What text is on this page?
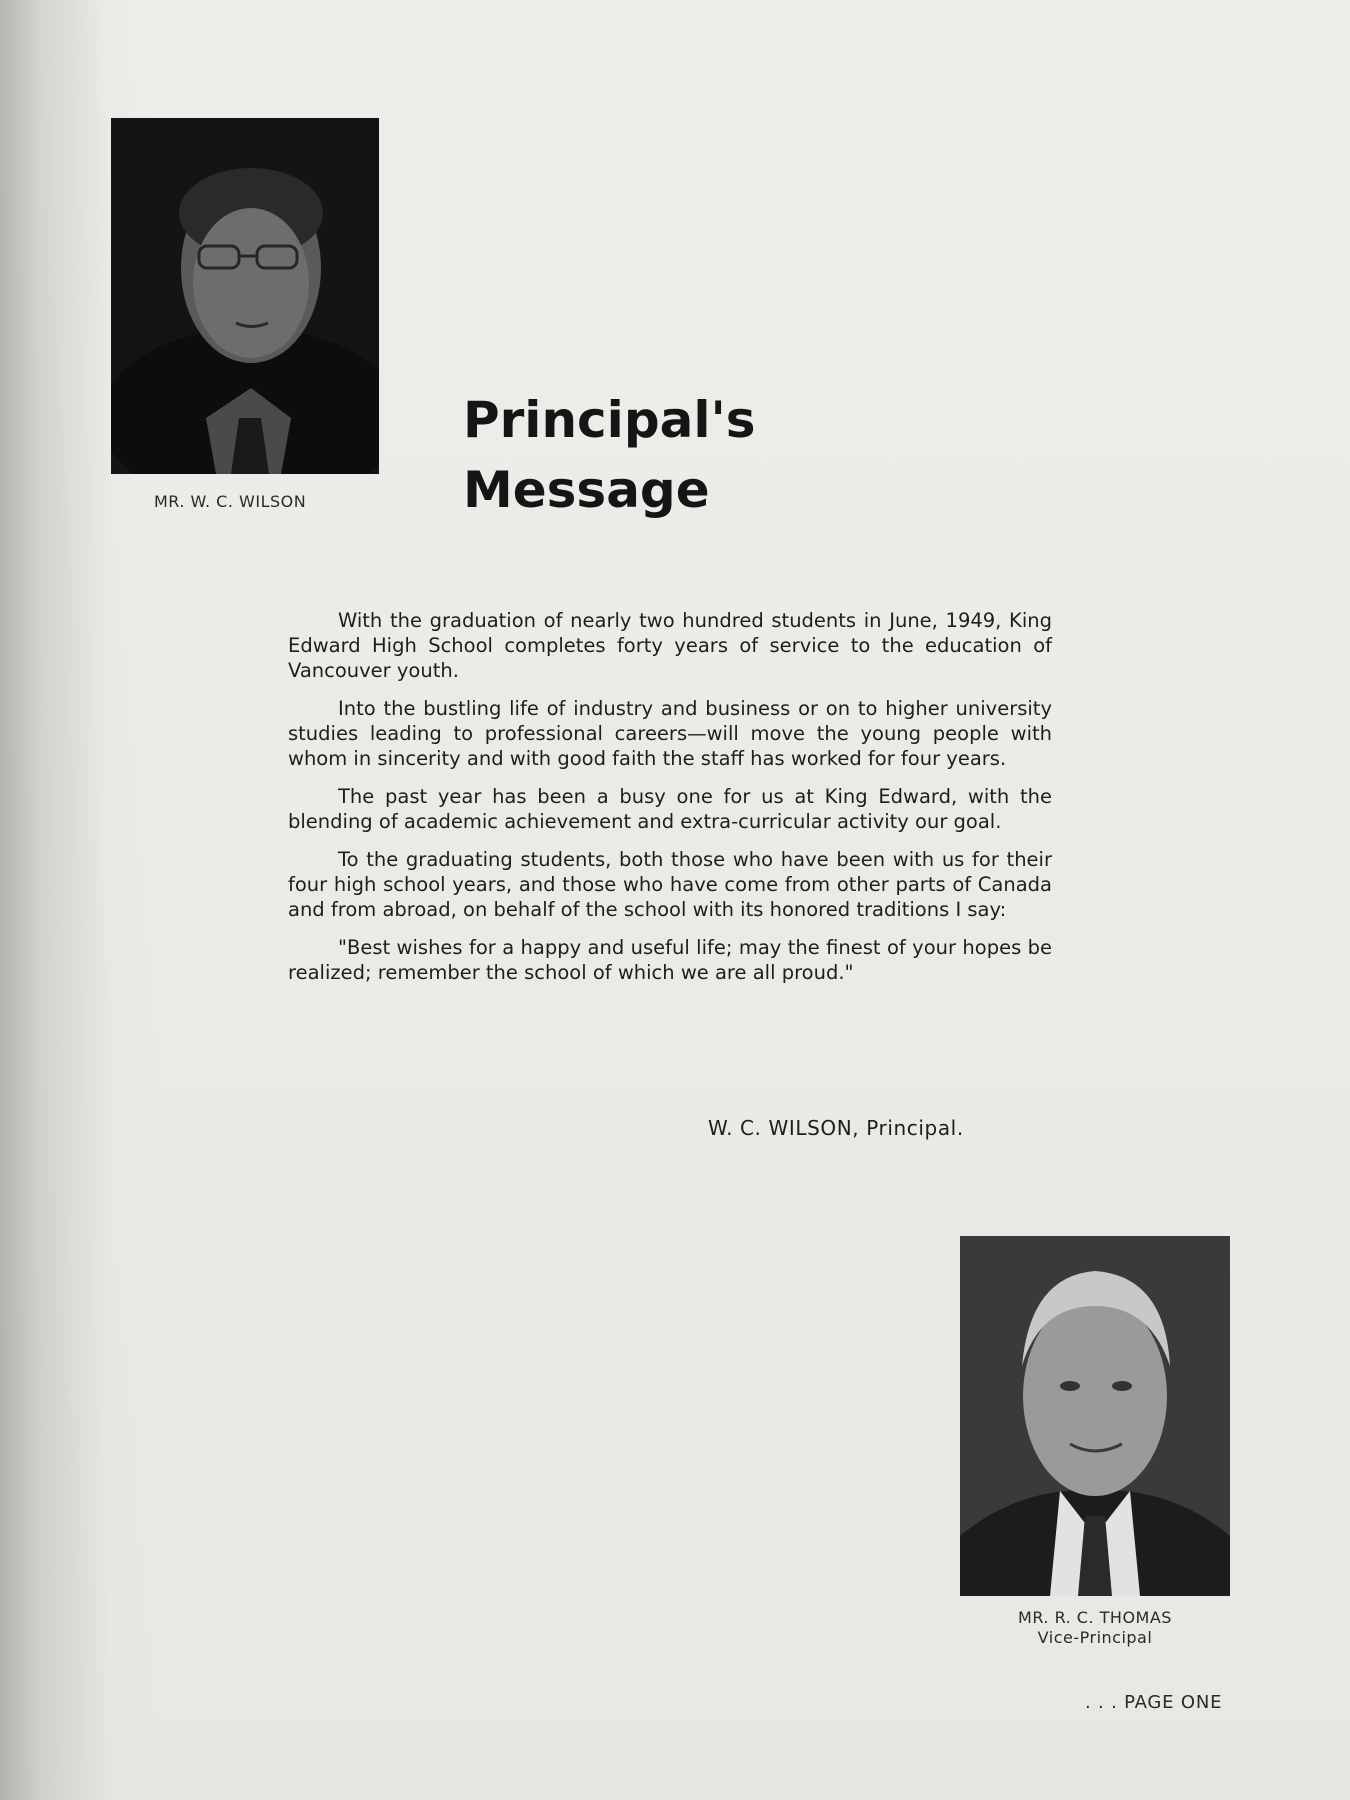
MR. W. C. WILSON
Principal's
Message

With the graduation of nearly two hundred students in June, 1949, King Edward High School completes forty years of service to the education of Vancouver youth.

Into the bustling life of industry and business or on to higher university studies leading to professional careers—will move the young people with whom in sincerity and with good faith the staff has worked for four years.

The past year has been a busy one for us at King Edward, with the blending of academic achievement and extra-curricular activity our goal.

To the graduating students, both those who have been with us for their four high school years, and those who have come from other parts of Canada and from abroad, on behalf of the school with its honored traditions I say:

"Best wishes for a happy and useful life; may the finest of your hopes be realized; remember the school of which we are all proud."

W. C. WILSON, Principal.
MR. R. C. THOMAS
Vice-Principal
. . . PAGE ONE
